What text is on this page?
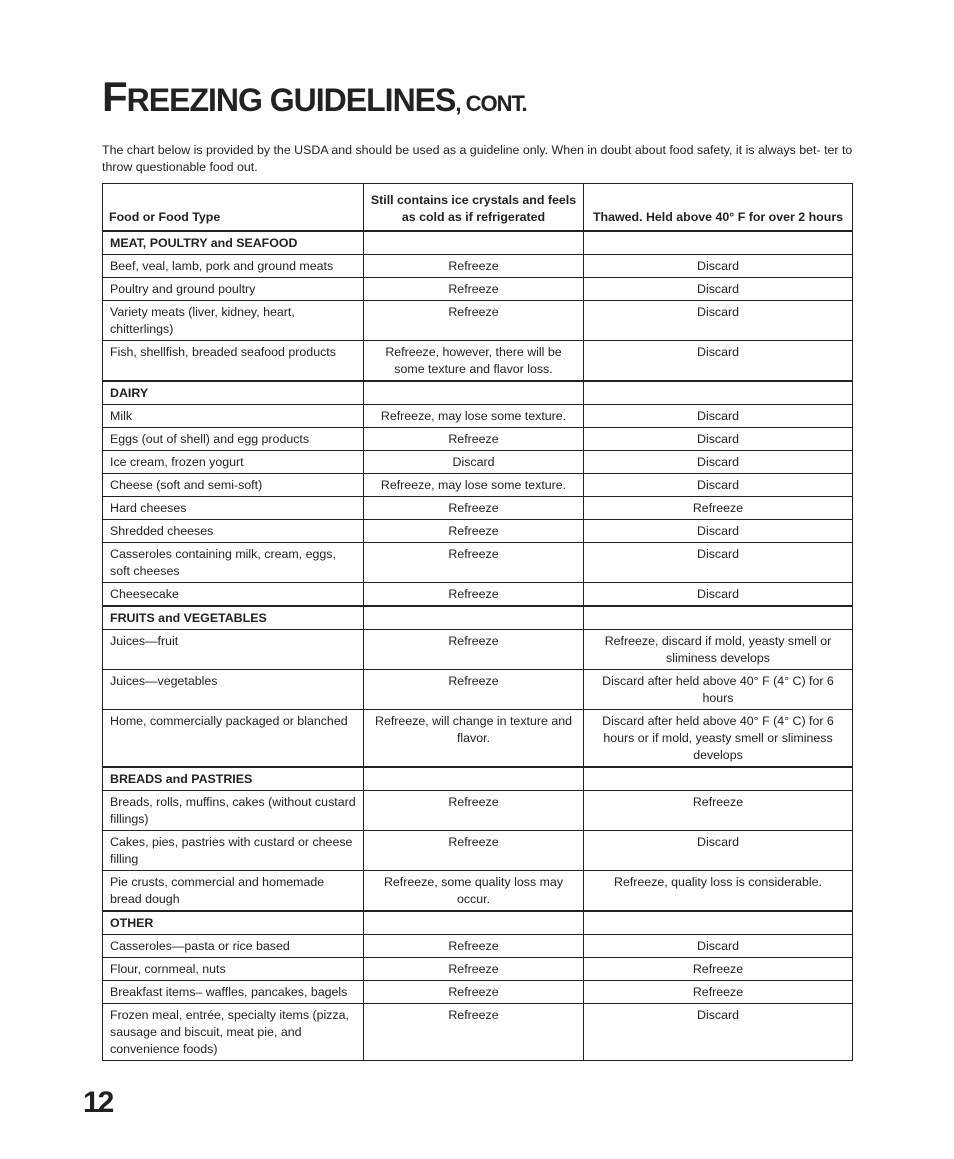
FREEZING GUIDELINES, CONT.

The chart below is provided by the USDA and should be used as a guideline only. When in doubt about food safety, it is always bet- ter to throw questionable food out.

Food or Food Type	Still contains ice crystals and feels as cold as if refrigerated	Thawed. Held above 40° F for over 2 hours
MEAT, POULTRY and SEAFOOD		
Beef, veal, lamb, pork and ground meats	Refreeze	Discard
Poultry and ground poultry	Refreeze	Discard
Variety meats (liver, kidney, heart, chitterlings)	Refreeze	Discard
Fish, shellfish, breaded seafood products	Refreeze, however, there will be some texture and flavor loss.	Discard
DAIRY		
Milk	Refreeze, may lose some texture.	Discard
Eggs (out of shell) and egg products	Refreeze	Discard
Ice cream, frozen yogurt	Discard	Discard
Cheese (soft and semi-soft)	Refreeze, may lose some texture.	Discard
Hard cheeses	Refreeze	Refreeze
Shredded cheeses	Refreeze	Discard
Casseroles containing milk, cream, eggs, soft cheeses	Refreeze	Discard
Cheesecake	Refreeze	Discard
FRUITS and VEGETABLES		
Juices—fruit	Refreeze	Refreeze, discard if mold, yeasty smell or sliminess develops
Juices—vegetables	Refreeze	Discard after held above 40° F (4° C) for 6 hours
Home, commercially packaged or blanched	Refreeze, will change in texture and flavor.	Discard after held above 40° F (4° C) for 6 hours or if mold, yeasty smell or sliminess develops
BREADS and PASTRIES		
Breads, rolls, muffins, cakes (without custard fillings)	Refreeze	Refreeze
Cakes, pies, pastries with custard or cheese filling	Refreeze	Discard
Pie crusts, commercial and homemade bread dough	Refreeze, some quality loss may occur.	Refreeze, quality loss is considerable.
OTHER		
Casseroles—pasta or rice based	Refreeze	Discard
Flour, cornmeal, nuts	Refreeze	Refreeze
Breakfast items– waffles, pancakes, bagels	Refreeze	Refreeze
Frozen meal, entrée, specialty items (pizza, sausage and biscuit, meat pie, and convenience foods)	Refreeze	Discard
12
